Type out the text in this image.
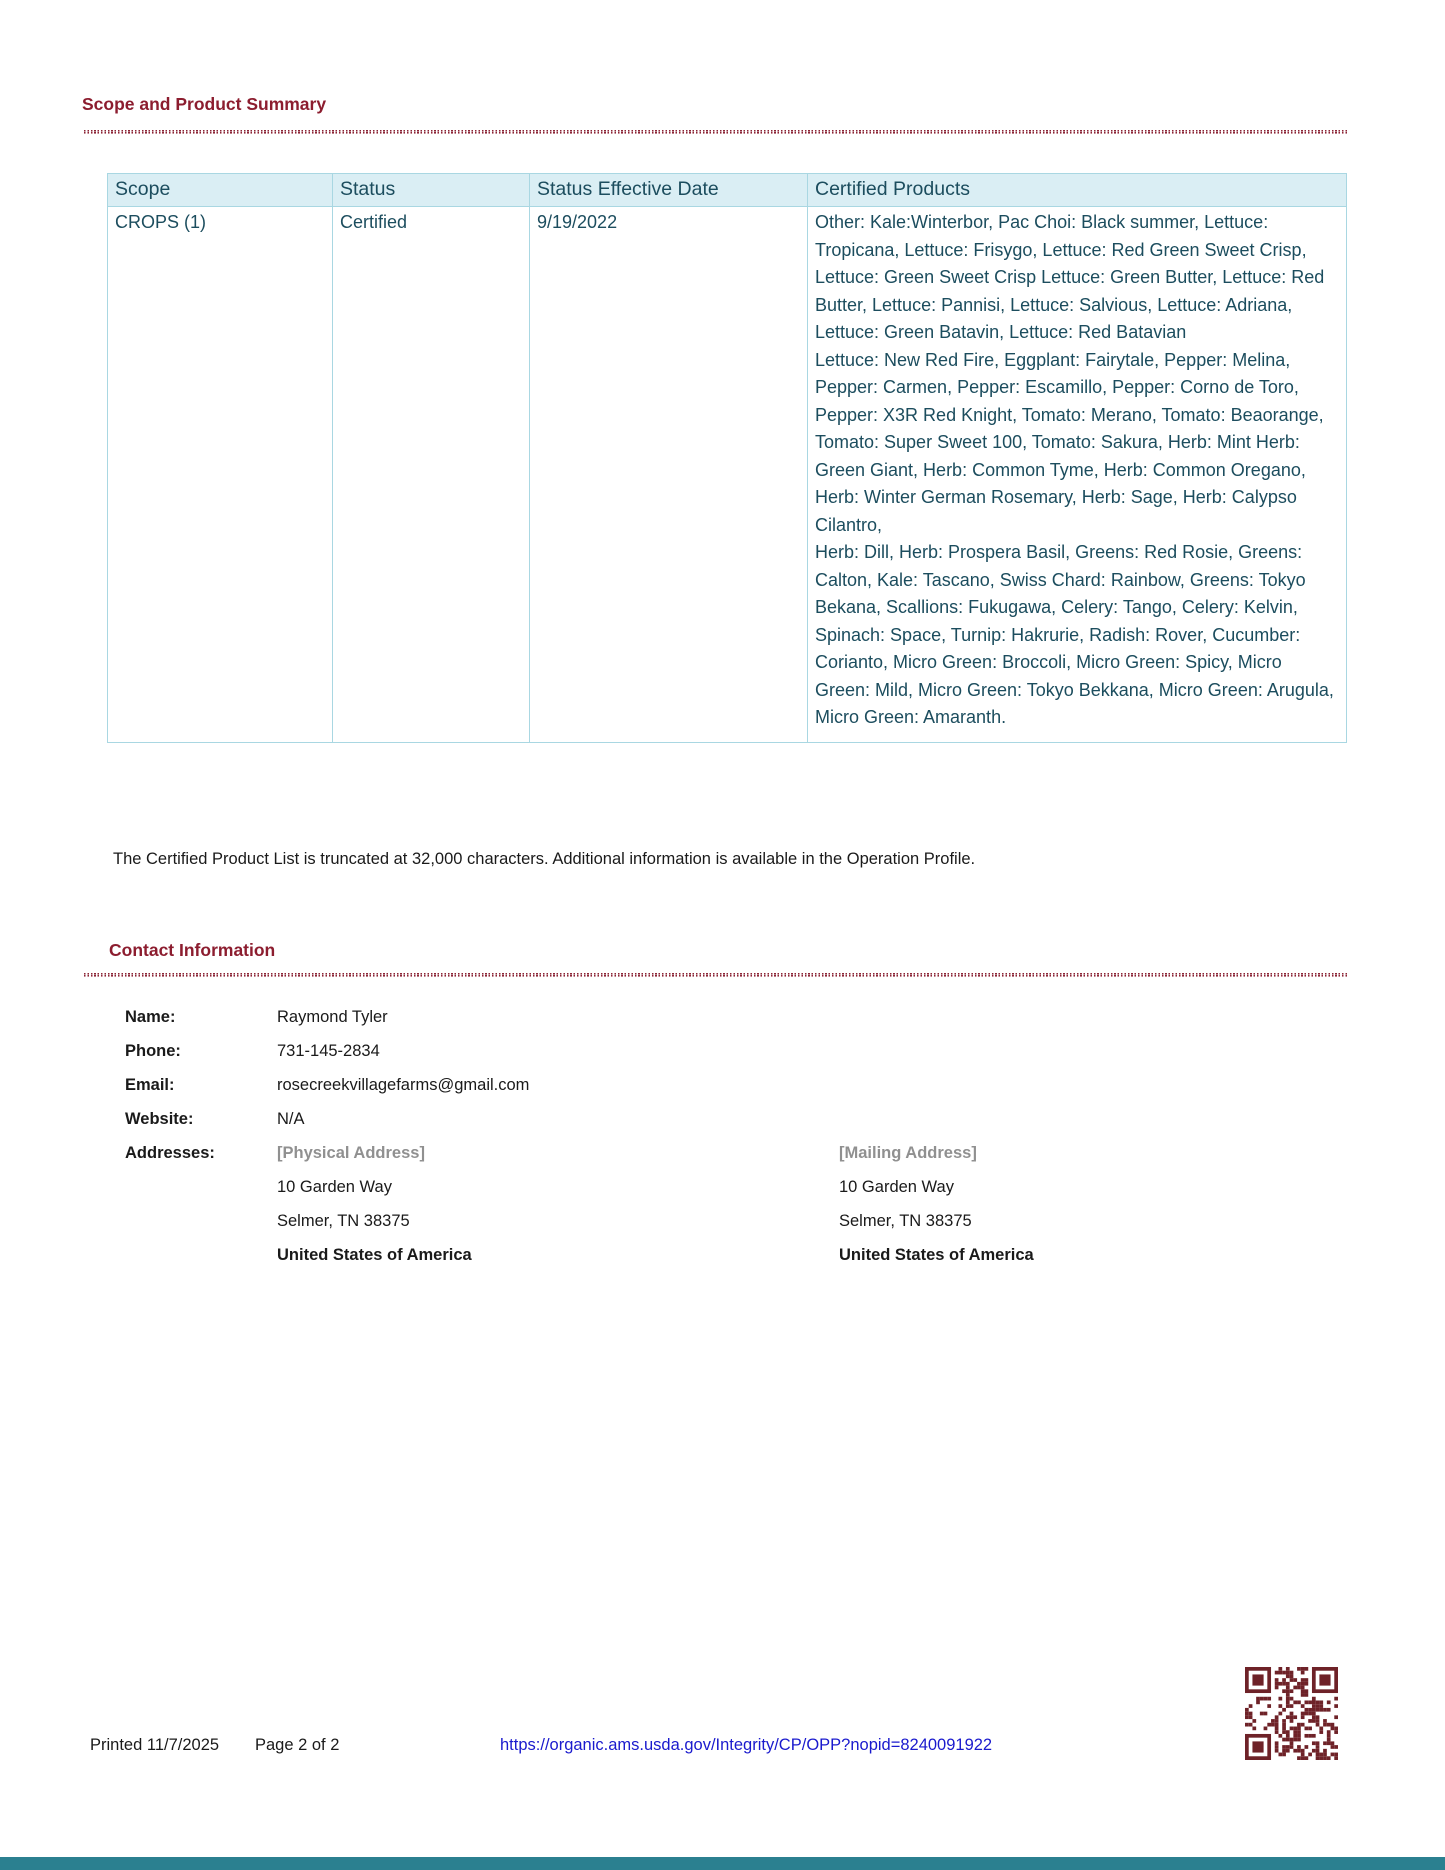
Scope and Product Summary
Scope	Status	Status Effective Date	Certified Products
CROPS (1)	Certified	9/19/2022	Other: Kale:Winterbor, Pac Choi: Black summer, Lettuce: Tropicana, Lettuce: Frisygo, Lettuce: Red Green Sweet Crisp, Lettuce: Green Sweet Crisp Lettuce: Green Butter, Lettuce: Red Butter, Lettuce: Pannisi, Lettuce: Salvious, Lettuce: Adriana, Lettuce: Green Batavin, Lettuce: Red Batavian

Lettuce: New Red Fire, Eggplant: Fairytale, Pepper: Melina, Pepper: Carmen, Pepper: Escamillo, Pepper: Corno de Toro, Pepper: X3R Red Knight, Tomato: Merano, Tomato: Beaorange,

Tomato: Super Sweet 100, Tomato: Sakura, Herb: Mint Herb: Green Giant, Herb: Common Tyme, Herb: Common Oregano, Herb: Winter German Rosemary, Herb: Sage, Herb: Calypso Cilantro,

Herb: Dill, Herb: Prospera Basil, Greens: Red Rosie, Greens: Calton, Kale: Tascano, Swiss Chard: Rainbow, Greens: Tokyo Bekana, Scallions: Fukugawa, Celery: Tango, Celery: Kelvin, Spinach: Space, Turnip: Hakrurie, Radish: Rover, Cucumber: Corianto, Micro Green: Broccoli, Micro Green: Spicy, Micro Green: Mild, Micro Green: Tokyo Bekkana, Micro Green: Arugula, Micro Green: Amaranth.

The Certified Product List is truncated at 32,000 characters. Additional information is available in the Operation Profile.
Contact Information
Name:	Raymond Tyler
Phone:	731-145-2834
Email:	rosecreekvillagefarms@gmail.com
Website:	N/A
Addresses:	[Physical Address]
10 Garden Way
Selmer, TN 38375
United States of America
[Mailing Address]
10 Garden Way
Selmer, TN 38375
United States of America
Printed 11/7/2025 Page 2 of 2	https://organic.ams.usda.gov/Integrity/CP/OPP?nopid=8240091922
